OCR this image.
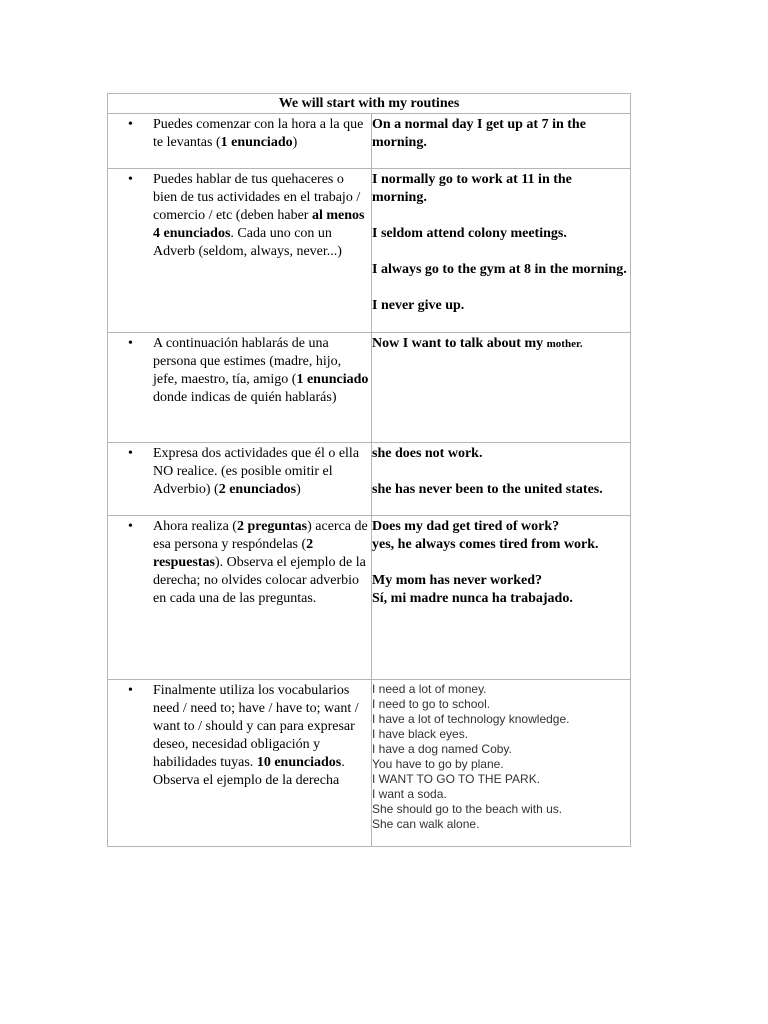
We will start with my routines
• Puedes comenzar con la hora a la que te levantas (1 enunciado)

On a normal day I get up at 7 in the morning.

• Puedes hablar de tus quehaceres o bien de tus actividades en el trabajo / comercio / etc (deben haber al menos 4 enunciados. Cada uno con un Adverb (seldom, always, never...)

I normally go to work at 11 in the morning.

I seldom attend colony meetings.

I always go to the gym at 8 in the morning.

I never give up.

• A continuación hablarás de una persona que estimes (madre, hijo, jefe, maestro, tía, amigo (1 enunciado donde indicas de quién hablarás)

Now I want to talk about my mother.

• Expresa dos actividades que él o ella NO realice. (es posible omitir el Adverbio) (2 enunciados)

she does not work.

she has never been to the united states.

• Ahora realiza (2 preguntas) acerca de esa persona y respóndelas (2 respuestas). Observa el ejemplo de la derecha; no olvides colocar adverbio en cada una de las preguntas.

Does my dad get tired of work?

yes, he always comes tired from work.

My mom has never worked?

Sí, mi madre nunca ha trabajado.

• Finalmente utiliza los vocabularios need / need to; have / have to; want / want to / should y can para expresar deseo, necesidad obligación y habilidades tuyas. 10 enunciados. Observa el ejemplo de la derecha

I need a lot of money.

I need to go to school.

I have a lot of technology knowledge.

I have black eyes.

I have a dog named Coby.

You have to go by plane.

I WANT TO GO TO THE PARK.

I want a soda.

She should go to the beach with us.

She can walk alone.
